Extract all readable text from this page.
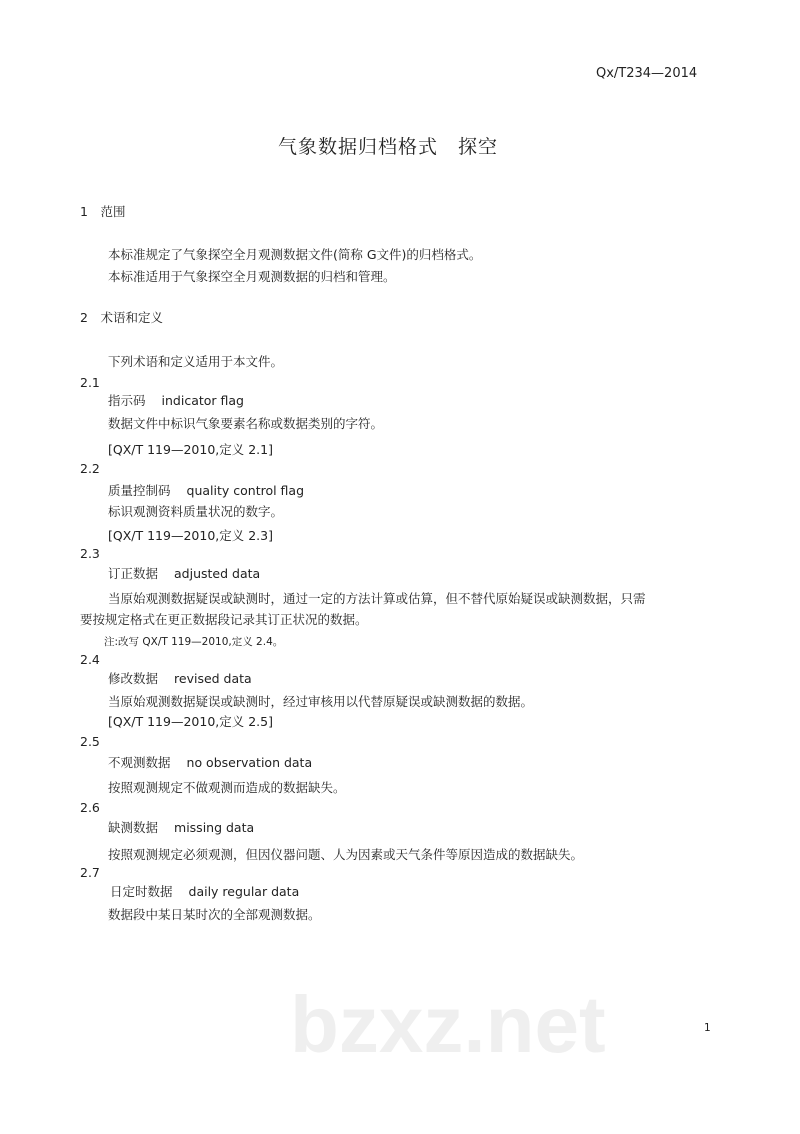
bzxz.net
Qx/T234—2014
气象数据归档格式　探空
1　范围
本标准规定了气象探空全月观测数据文件(简称 G文件)的归档格式。
本标准适用于气象探空全月观测数据的归档和管理。
2　术语和定义
下列术语和定义适用于本文件。
2.1
指示码 indicator flag
数据文件中标识气象要素名称或数据类别的字符。
[QX/T 119—2010,定义 2.1]
2.2
质量控制码 quality control flag
标识观测资料质量状况的数字。
[QX/T 119—2010,定义 2.3]
2.3
订正数据 adjusted data
当原始观测数据疑误或缺测时，通过一定的方法计算或估算，但不替代原始疑误或缺测数据，只需
要按规定格式在更正数据段记录其订正状况的数据。
注:改写 QX/T 119—2010,定义 2.4。
2.4
修改数据 revised data
当原始观测数据疑误或缺测时，经过审核用以代替原疑误或缺测数据的数据。
[QX/T 119—2010,定义 2.5]
2.5
不观测数据 no observation data
按照观测规定不做观测而造成的数据缺失。
2.6
缺测数据 missing data
按照观测规定必须观测，但因仪器问题、人为因素或天气条件等原因造成的数据缺失。
2.7
日定时数据 daily regular data
数据段中某日某时次的全部观测数据。
1
